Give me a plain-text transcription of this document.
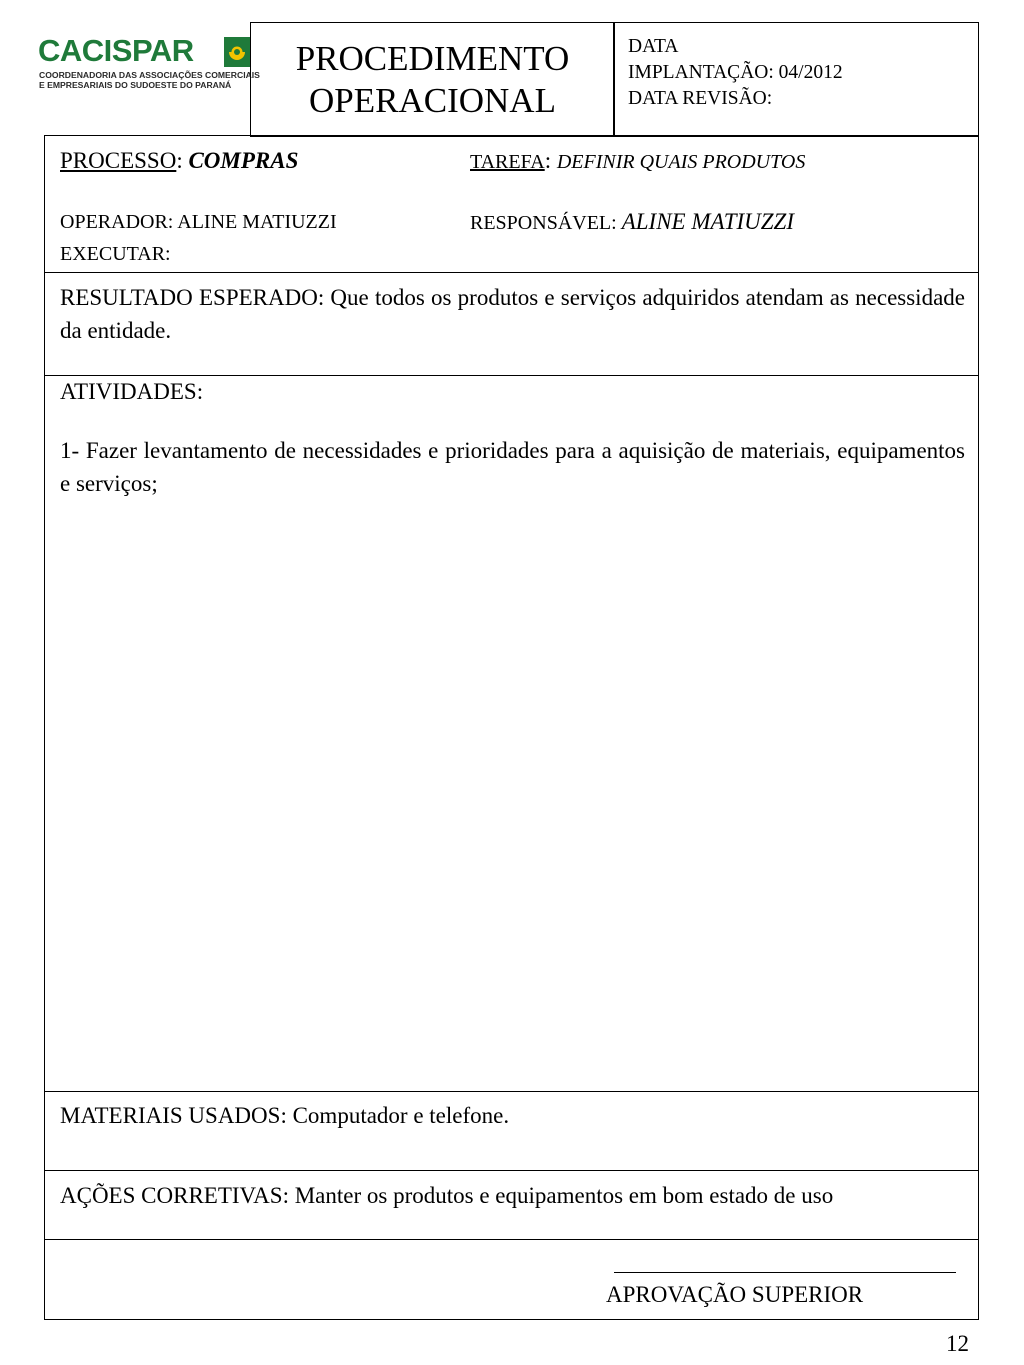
CACISPAR
COORDENADORIA DAS ASSOCIAÇÕES COMERCIAIS
E EMPRESARIAIS DO SUDOESTE DO PARANÁ
PROCEDIMENTO
OPERACIONAL
DATA
IMPLANTAÇÃO: 04/2012
DATA REVISÃO:
PROCESSO: COMPRAS	TAREFA: DEFINIR QUAIS PRODUTOS
OPERADOR: ALINE MATIUZZI	RESPONSÁVEL: ALINE MATIUZZI
EXECUTAR:
RESULTADO ESPERADO: Que todos os produtos e serviços adquiridos atendam as necessidade da entidade.
ATIVIDADES:
1- Fazer levantamento de necessidades e prioridades para a aquisição de materiais, equipamentos e serviços;
MATERIAIS USADOS: Computador e telefone.
AÇÕES CORRETIVAS: Manter os produtos e equipamentos em bom estado de uso
APROVAÇÃO SUPERIOR
12
